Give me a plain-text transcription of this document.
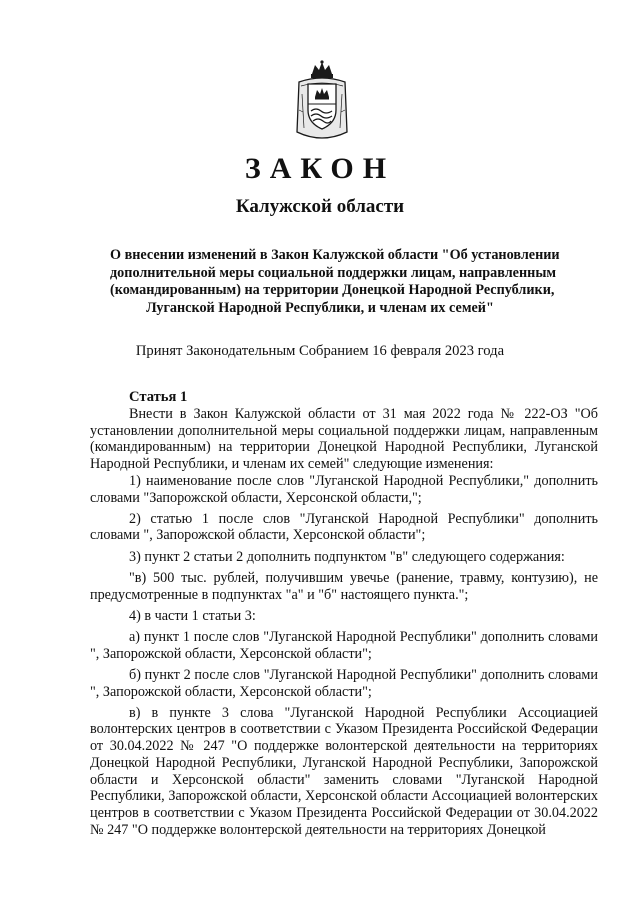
ЗАКОН
Калужской области
О внесении изменений в Закон Калужской области "Об установлении
дополнительной меры социальной поддержки лицам, направленным
(командированным) на территории Донецкой Народной Республики,
Луганской Народной Республики, и членам их семей"
Принят Законодательным Собранием 16 февраля 2023 года
Статья 1

Внести в Закон Калужской области от 31 мая 2022 года № 222-ОЗ "Об установлении дополнительной меры социальной поддержки лицам, направленным (командированным) на территории Донецкой Народной Республики, Луганской Народной Республики, и членам их семей" следующие изменения:

1) наименование после слов "Луганской Народной Республики," дополнить словами "Запорожской области, Херсонской области,";

2) статью 1 после слов "Луганской Народной Республики" дополнить словами ", Запорожской области, Херсонской области";

3) пункт 2 статьи 2 дополнить подпунктом "в" следующего содержания:

"в) 500 тыс. рублей, получившим увечье (ранение, травму, контузию), не предусмотренные в подпунктах "а" и "б" настоящего пункта.";

4) в части 1 статьи 3:

а) пункт 1 после слов "Луганской Народной Республики" дополнить словами ", Запорожской области, Херсонской области";

б) пункт 2 после слов "Луганской Народной Республики" дополнить словами ", Запорожской области, Херсонской области";

в) в пункте 3 слова "Луганской Народной Республики Ассоциацией волонтерских центров в соответствии с Указом Президента Российской Федерации от 30.04.2022 № 247 "О поддержке волонтерской деятельности на территориях Донецкой Народной Республики, Луганской Народной Республики, Запорожской области и Херсонской области" заменить словами "Луганской Народной Республики, Запорожской области, Херсонской области Ассоциацией волонтерских центров в соответствии с Указом Президента Российской Федерации от 30.04.2022 № 247 "О поддержке волонтерской деятельности на территориях Донецкой
